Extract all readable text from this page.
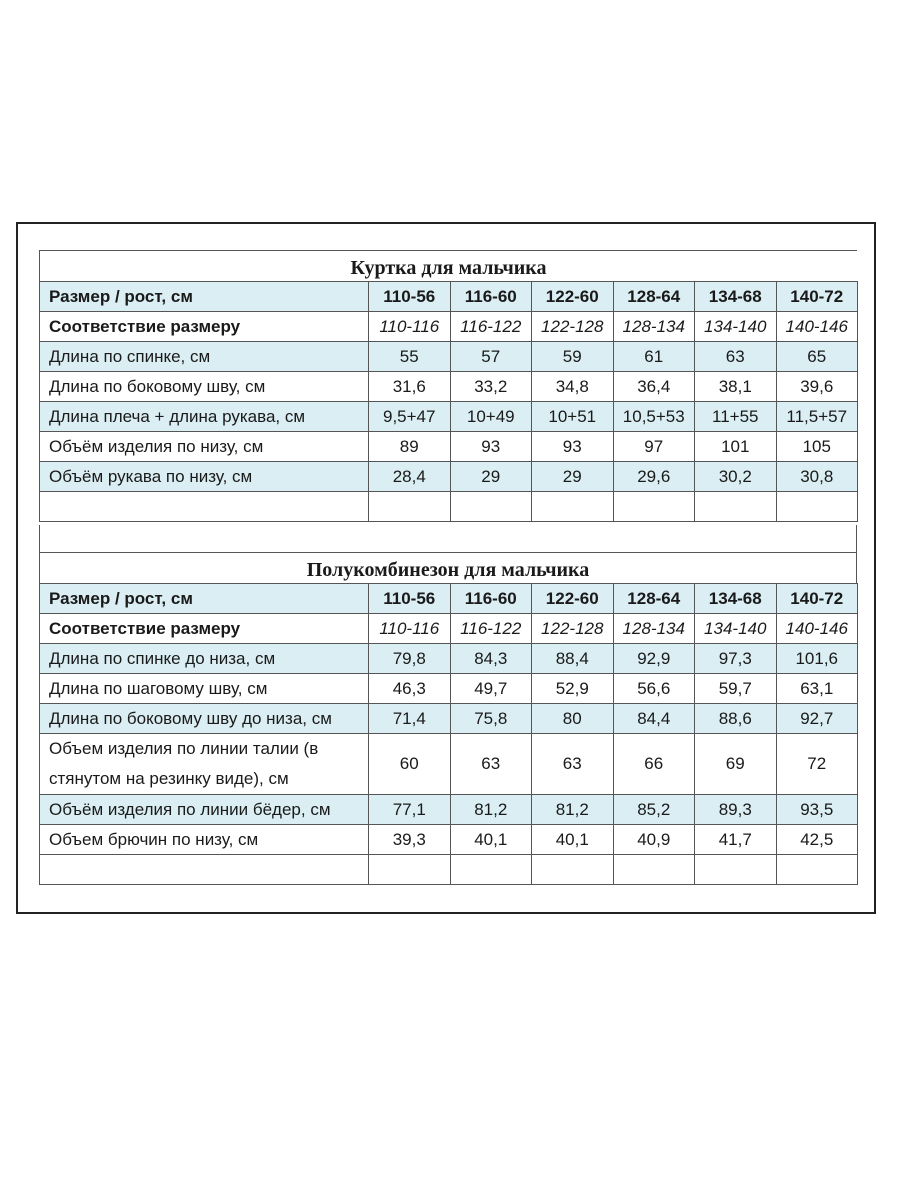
Куртка для мальчика
Размер / рост, см	110-56	116-60	122-60	128-64	134-68	140-72
Соответствие размеру	110-116	116-122	122-128	128-134	134-140	140-146
Длина по спинке, см	55	57	59	61	63	65
Длина по боковому шву, см	31,6	33,2	34,8	36,4	38,1	39,6
Длина плеча + длина рукава, см	9,5+47	10+49	10+51	10,5+53	11+55	11,5+57
Объём изделия по низу, см	89	93	93	97	101	105
Объём рукава по низу, см	28,4	29	29	29,6	30,2	30,8

Полукомбинезон для мальчика
Размер / рост, см	110-56	116-60	122-60	128-64	134-68	140-72
Соответствие размеру	110-116	116-122	122-128	128-134	134-140	140-146
Длина по спинке до низа, см	79,8	84,3	88,4	92,9	97,3	101,6
Длина по шаговому шву, см	46,3	49,7	52,9	56,6	59,7	63,1
Длина по боковому шву до низа, см	71,4	75,8	80	84,4	88,6	92,7
Объем изделия по линии талии (в стянутом на резинку виде), см	60	63	63	66	69	72
Объём изделия по линии бёдер, см	77,1	81,2	81,2	85,2	89,3	93,5
Объем брючин по низу, см	39,3	40,1	40,1	40,9	41,7	42,5
